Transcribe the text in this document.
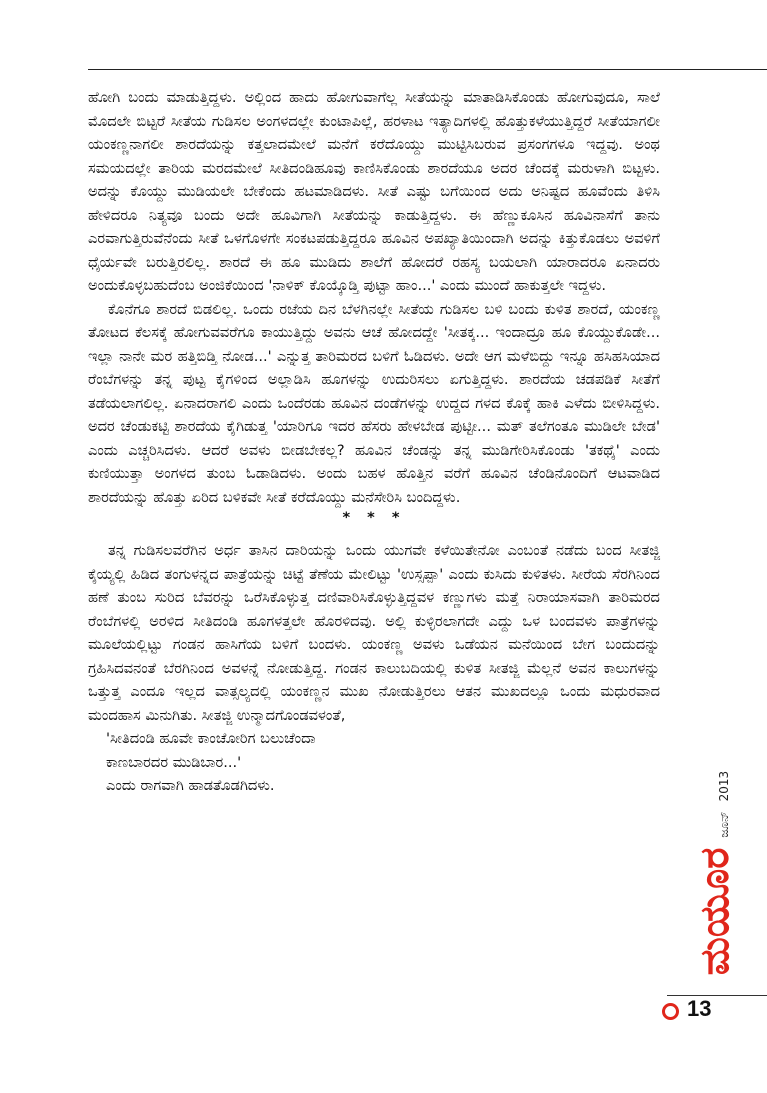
ಹೋಗಿ ಬಂದು ಮಾಡುತ್ತಿದ್ದಳು. ಅಲ್ಲಿಂದ ಹಾದು ಹೋಗುವಾಗೆಲ್ಲ ಸೀತೆಯನ್ನು ಮಾತಾಡಿಸಿಕೊಂಡು ಹೋಗುವುದೂ, ಸಾಲೆ ಮೊದಲೇ ಬಿಟ್ಟರೆ ಸೀತೆಯ ಗುಡಿಸಲ ಅಂಗಳದಲ್ಲೇ ಕುಂಟಾಪಿಲ್ಲೆ, ಹರಳಾಟ ಇತ್ಯಾದಿಗಳಲ್ಲಿ ಹೊತ್ತುಕಳೆಯುತ್ತಿದ್ದರೆ ಸೀತೆಯಾಗಲೀ ಯಂಕಣ್ಣನಾಗಲೀ ಶಾರದೆಯನ್ನು ಕತ್ತಲಾದಮೇಲೆ ಮನೆಗೆ ಕರೆದೊಯ್ದು ಮುಟ್ಟಿಸಿಬರುವ ಪ್ರಸಂಗಗಳೂ ಇದ್ದವು. ಅಂಥ ಸಮಯದಲ್ಲೇ ತಾರಿಯ ಮರದಮೇಲೆ ಸೀತಿದಂಡಿಹೂವು ಕಾಣಿಸಿಕೊಂಡು ಶಾರದೆಯೂ ಅದರ ಚೆಂದಕ್ಕೆ ಮರುಳಾಗಿ ಬಿಟ್ಟಳು. ಅದನ್ನು ಕೊಯ್ದು ಮುಡಿಯಲೇ ಬೇಕೆಂದು ಹಟಮಾಡಿದಳು. ಸೀತೆ ಎಷ್ಟು ಬಗೆಯಿಂದ ಅದು ಅನಿಷ್ಟದ ಹೂವೆಂದು ತಿಳಿಸಿ ಹೇಳಿದರೂ ನಿತ್ಯವೂ ಬಂದು ಅದೇ ಹೂವಿಗಾಗಿ ಸೀತೆಯನ್ನು ಕಾಡುತ್ತಿದ್ದಳು. ಈ ಹೆಣ್ಣುಕೂಸಿನ ಹೂವಿನಾಸೆಗೆ ತಾನು ಎರವಾಗುತ್ತಿರುವೆನೆಂದು ಸೀತೆ ಒಳಗೊಳಗೇ ಸಂಕಟಪಡುತ್ತಿದ್ದರೂ ಹೂವಿನ ಅಪಖ್ಯಾತಿಯಿಂದಾಗಿ ಅದನ್ನು ಕಿತ್ತುಕೊಡಲು ಅವಳಿಗೆ ಧೈರ್ಯವೇ ಬರುತ್ತಿರಲಿಲ್ಲ. ಶಾರದೆ ಈ ಹೂ ಮುಡಿದು ಶಾಲೆಗೆ ಹೋದರೆ ರಹಸ್ಯ ಬಯಲಾಗಿ ಯಾರಾದರೂ ಏನಾದರು ಅಂದುಕೊಳ್ಳಬಹುದೆಂಬ ಅಂಜಿಕೆಯಿಂದ 'ನಾಳಿಕ್ ಕೊಯ್ಕೊಡ್ತಿ ಪುಟ್ಟಾ ಹಾಂ...' ಎಂದು ಮುಂದೆ ಹಾಕುತ್ತಲೇ ಇದ್ದಳು.

ಕೊನೆಗೂ ಶಾರದೆ ಬಿಡಲಿಲ್ಲ. ಒಂದು ರಜೆಯ ದಿನ ಬೆಳಗಿನಲ್ಲೇ ಸೀತೆಯ ಗುಡಿಸಲ ಬಳಿ ಬಂದು ಕುಳಿತ ಶಾರದೆ, ಯಂಕಣ್ಣ ತೋಟದ ಕೆಲಸಕ್ಕೆ ಹೋಗುವವರೆಗೂ ಕಾಯುತ್ತಿದ್ದು ಅವನು ಆಚೆ ಹೋದದ್ದೇ 'ಸೀತಕ್ಕ... ಇಂದಾದ್ರೂ ಹೂ ಕೊಯ್ದುಕೊಡೇ... ಇಲ್ಲಾ ನಾನೇ ಮರ ಹತ್ತಿಬಿಡ್ತಿ ನೋಡ...' ಎನ್ನುತ್ತ ತಾರಿಮರದ ಬಳಿಗೆ ಓಡಿದಳು. ಅದೇ ಆಗ ಮಳೆಬಿದ್ದು ಇನ್ನೂ ಹಸಿಹಸಿಯಾದ ರೆಂಬೆಗಳನ್ನು ತನ್ನ ಪುಟ್ಟ ಕೈಗಳಿಂದ ಅಲ್ಲಾಡಿಸಿ ಹೂಗಳನ್ನು ಉದುರಿಸಲು ಏಗುತ್ತಿದ್ದಳು. ಶಾರದೆಯ ಚಡಪಡಿಕೆ ಸೀತೆಗೆ ತಡೆಯಲಾಗಲಿಲ್ಲ. ಏನಾದರಾಗಲಿ ಎಂದು ಒಂದೆರಡು ಹೂವಿನ ದಂಡೆಗಳನ್ನು ಉದ್ದದ ಗಳದ ಕೊಕ್ಕೆ ಹಾಕಿ ಎಳೆದು ಬೀಳಿಸಿದ್ದಳು. ಅದರ ಚೆಂಡುಕಟ್ಟಿ ಶಾರದೆಯ ಕೈಗಿಡುತ್ತ 'ಯಾರಿಗೂ ಇದರ ಹೆಸರು ಹೇಳಬೇಡ ಪುಟ್ಟೀ... ಮತ್ ತಲೆಗಂತೂ ಮುಡಿಲೇ ಬೇಡ' ಎಂದು ಎಚ್ಚರಿಸಿದಳು. ಆದರೆ ಅವಳು ಬೀಡಬೇಕಲ್ಲ? ಹೂವಿನ ಚೆಂಡನ್ನು ತನ್ನ ಮುಡಿಗೇರಿಸಿಕೊಂಡು 'ತಕಥೈ' ಎಂದು ಕುಣಿಯುತ್ತಾ ಅಂಗಳದ ತುಂಬ ಓಡಾಡಿದಳು. ಅಂದು ಬಹಳ ಹೊತ್ತಿನ ವರೆಗೆ ಹೂವಿನ ಚೆಂಡಿನೊಂದಿಗೆ ಆಟವಾಡಿದ ಶಾರದೆಯನ್ನು ಹೊತ್ತು ಏರಿದ ಬಳಿಕವೇ ಸೀತೆ ಕರೆದೊಯ್ದು ಮನೆಸೇರಿಸಿ ಬಂದಿದ್ದಳು.

* * *

ತನ್ನ ಗುಡಿಸಲವರೆಗಿನ ಅರ್ಧ ತಾಸಿನ ದಾರಿಯನ್ನು ಒಂದು ಯುಗವೇ ಕಳೆಯಿತೇನೋ ಎಂಬಂತೆ ನಡೆದು ಬಂದ ಸೀತಜ್ಜಿ ಕೈಯ್ಯಲ್ಲಿ ಹಿಡಿದ ತಂಗುಳನ್ನದ ಪಾತ್ರೆಯನ್ನು ಚಿಟ್ಟೆ ತೆಣೆಯ ಮೇಲಿಟ್ಟು 'ಉಸ್ಸಪ್ಪಾ' ಎಂದು ಕುಸಿದು ಕುಳಿತಳು. ಸೀರೆಯ ಸೆರಗಿನಿಂದ ಹಣೆ ತುಂಬ ಸುರಿದ ಬೆವರನ್ನು ಒರೆಸಿಕೊಳ್ಳುತ್ತ ದಣಿವಾರಿಸಿಕೊಳ್ಳುತ್ತಿದ್ದವಳ ಕಣ್ಣುಗಳು ಮತ್ತೆ ನಿರಾಯಾಸವಾಗಿ ತಾರಿಮರದ ರೆಂಬೆಗಳಲ್ಲಿ ಅರಳಿದ ಸೀತಿದಂಡಿ ಹೂಗಳತ್ತಲೇ ಹೊರಳಿದವು. ಅಲ್ಲಿ ಕುಳ್ಳಿರಲಾಗದೇ ಎದ್ದು ಒಳ ಬಂದವಳು ಪಾತ್ರೆಗಳನ್ನು ಮೂಲೆಯಲ್ಲಿಟ್ಟು ಗಂಡನ ಹಾಸಿಗೆಯ ಬಳಿಗೆ ಬಂದಳು. ಯಂಕಣ್ಣ ಅವಳು ಒಡೆಯನ ಮನೆಯಿಂದ ಬೇಗ ಬಂದುದನ್ನು ಗ್ರಹಿಸಿದವನಂತೆ ಬೆರಗಿನಿಂದ ಅವಳನ್ನೆ ನೋಡುತ್ತಿದ್ದ. ಗಂಡನ ಕಾಲುಬದಿಯಲ್ಲಿ ಕುಳಿತ ಸೀತಜ್ಜಿ ಮೆಲ್ಲನೆ ಅವನ ಕಾಲುಗಳನ್ನು ಒತ್ತುತ್ತ ಎಂದೂ ಇಲ್ಲದ ವಾತ್ಸಲ್ಯದಲ್ಲಿ ಯಂಕಣ್ಣನ ಮುಖ ನೋಡುತ್ತಿರಲು ಆತನ ಮುಖದಲ್ಲೂ ಒಂದು ಮಧುರವಾದ ಮಂದಹಾಸ ಮಿನುಗಿತು. ಸೀತಜ್ಜಿ ಉನ್ಮಾದಗೊಂಡವಳಂತೆ,

'ಸೀತಿದಂಡಿ ಹೂವೇ ಕಾಂಚೋರಿಗ ಬಲುಚೆಂದಾ

ಕಾಣಬಾರದರ ಮುಡಿಬಾರ...'

ಎಂದು ರಾಗವಾಗಿ ಹಾಡತೊಡಗಿದಳು.

ಮಯೂರ
ಜೂನ್
2013
13
